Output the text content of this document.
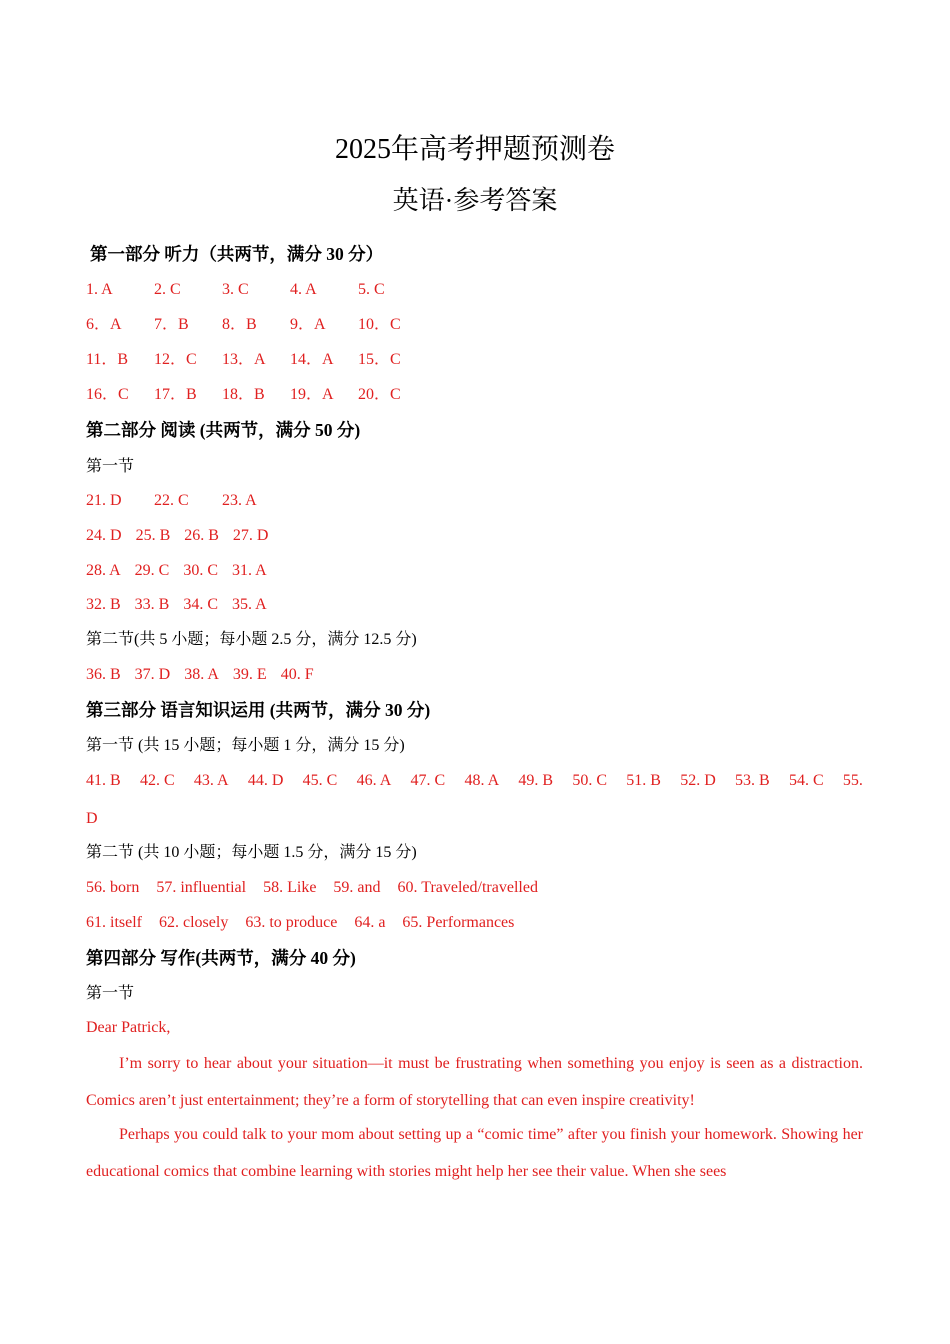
2025年高考押题预测卷
英语·参考答案
第一部分 听力（共两节，满分 30 分）
1. A	2. C	3. C	4. A	5. C
6．A 7．B 8．B 9．A 10．C
11．B 12．C 13．A 14．A 15．C
16．C 17．B 18．B 19．A 20．C
第二部分 阅读 (共两节，满分 50 分)
第一节
21. D 22. C 23. A
24. D 25. B 26. B 27. D
28. A 29. C 30. C 31. A
32. B 33. B 34. C 35. A
第二节(共 5 小题；每小题 2.5 分，满分 12.5 分)
36. B 37. D 38. A 39. E 40. F
第三部分 语言知识运用 (共两节，满分 30 分)
第一节 (共 15 小题；每小题 1 分，满分 15 分)
41. B 42. C 43. A 44. D 45. C 46. A 47. C 48. A 49. B 50. C 51. B 52. D 53. B 54. C 55.
D
第二节 (共 10 小题；每小题 1.5 分，满分 15 分)
56. born 57. influential 58. Like 59. and 60. Traveled/travelled
61. itself 62. closely 63. to produce 64. a 65. Performances
第四部分 写作(共两节，满分 40 分)
第一节
Dear Patrick,
I’m sorry to hear about your situation—it must be frustrating when something you enjoy is seen as a distraction. Comics aren’t just entertainment; they’re a form of storytelling that can even inspire creativity!
Perhaps you could talk to your mom about setting up a “comic time” after you finish your homework. Showing her educational comics that combine learning with stories might help her see their value. When she sees
